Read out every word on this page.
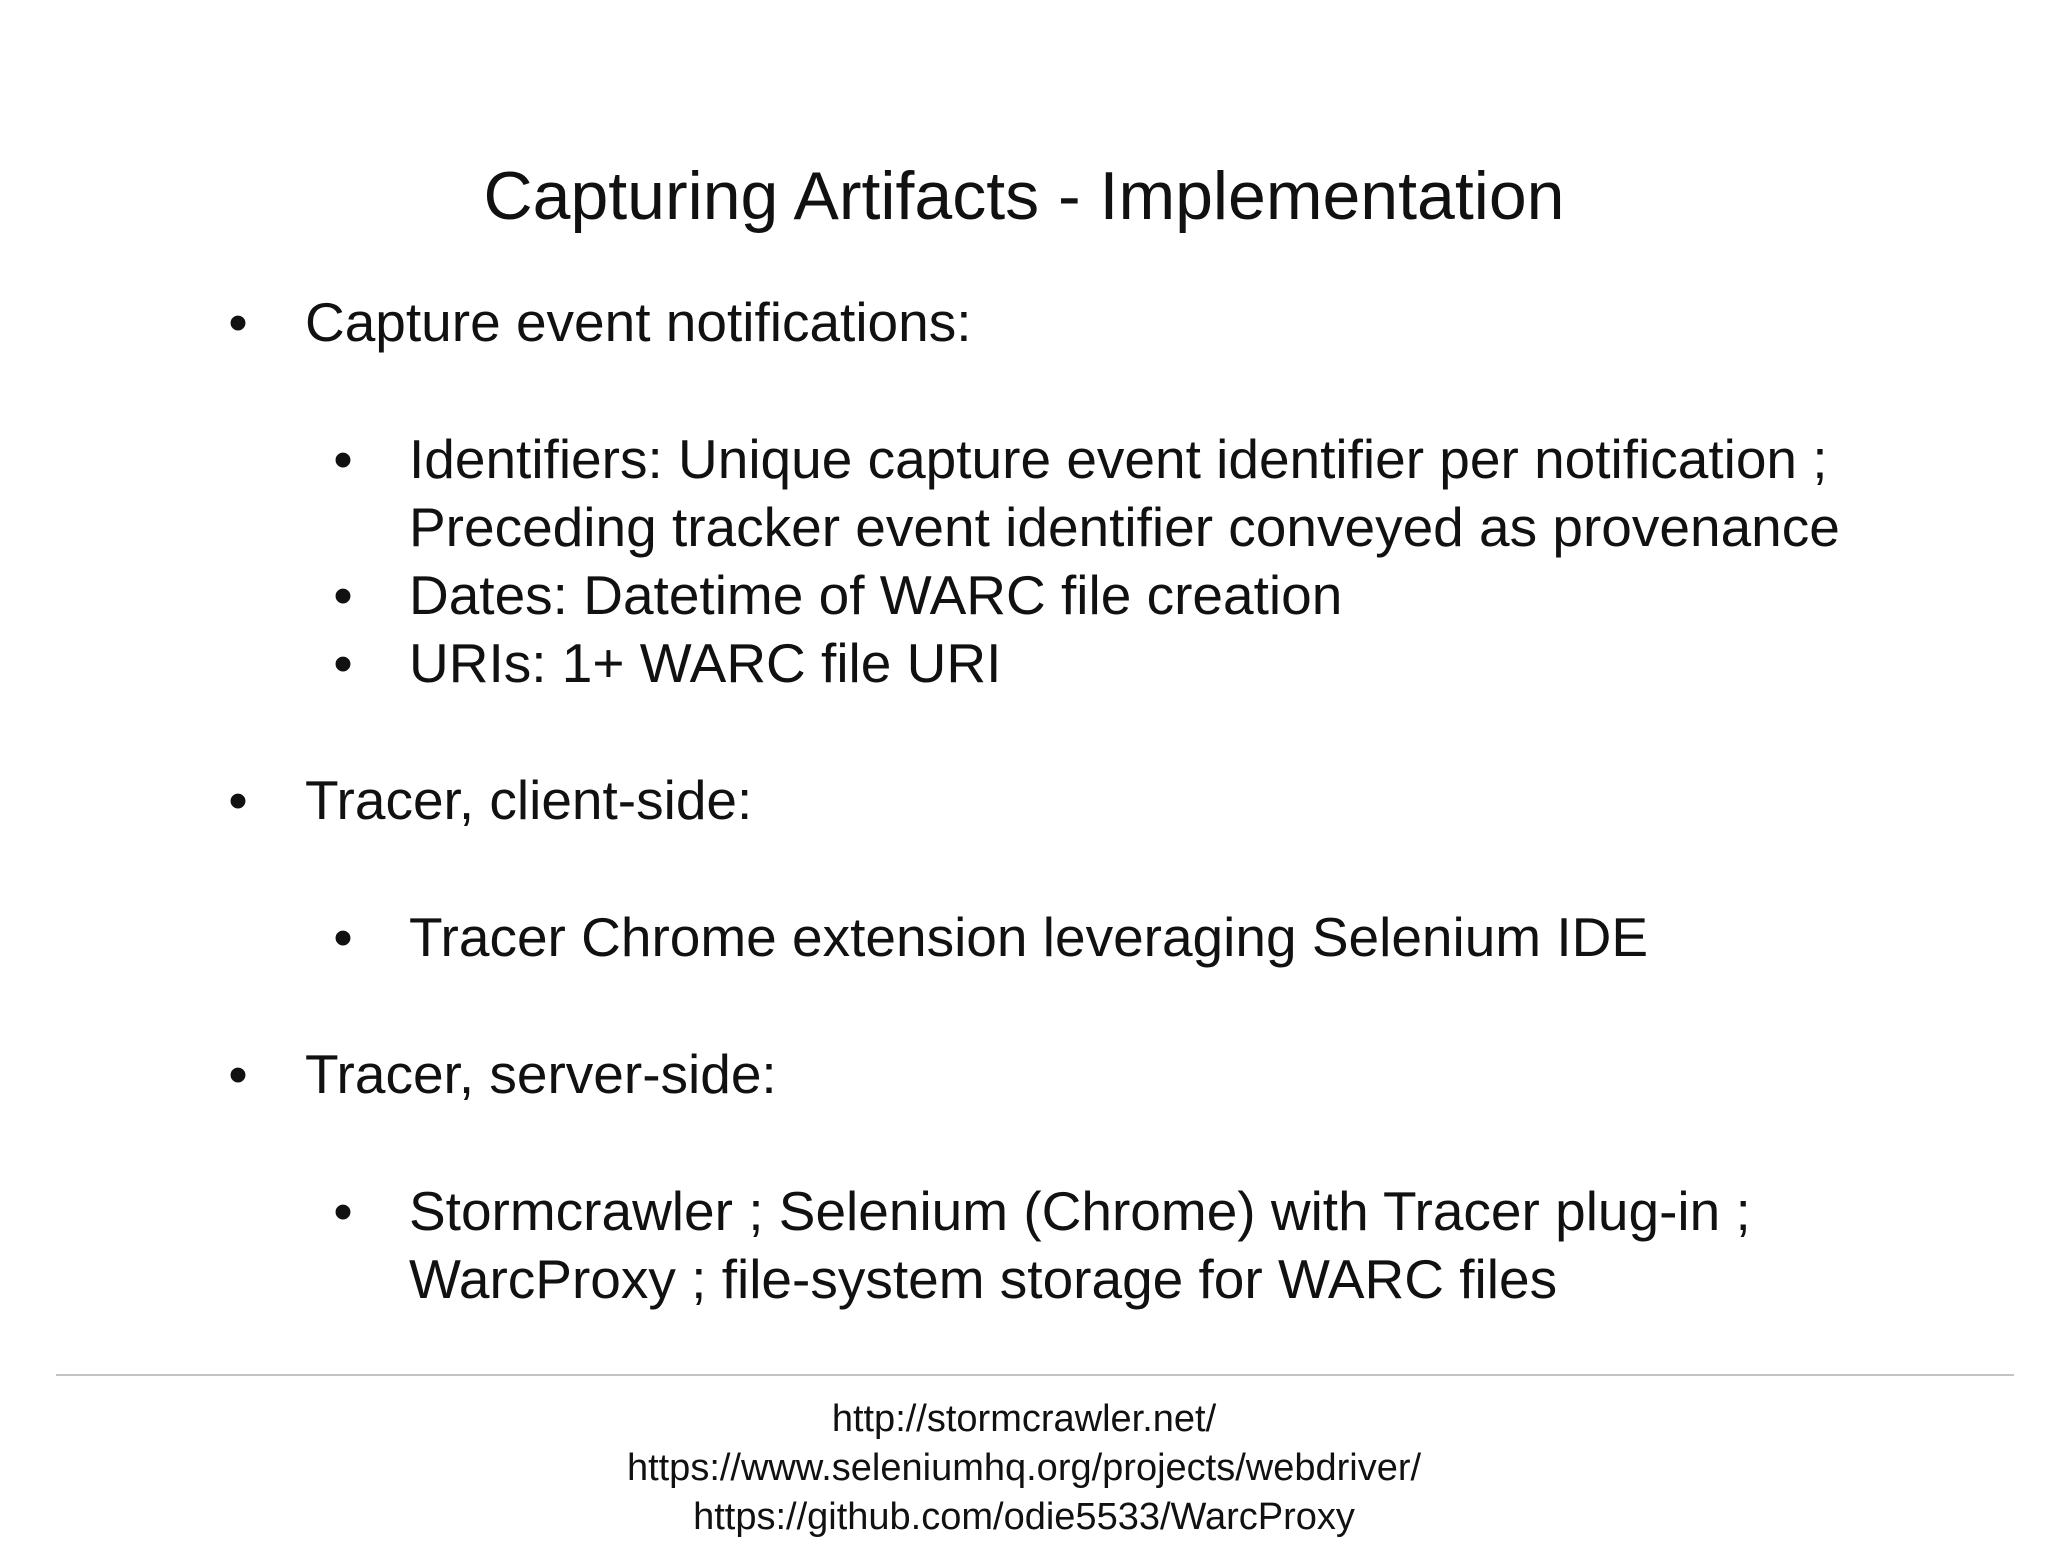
Capturing Artifacts - Implementation
• Capture event notifications:
• Identifiers: Unique capture event identifier per notification ;
Preceding tracker event identifier conveyed as provenance
• Dates: Datetime of WARC file creation
• URIs: 1+ WARC file URI
• Tracer, client-side:
• Tracer Chrome extension leveraging Selenium IDE
• Tracer, server-side:
• Stormcrawler ; Selenium (Chrome) with Tracer plug-in ;
WarcProxy ; file-system storage for WARC files
http://stormcrawler.net/
https://www.seleniumhq.org/projects/webdriver/
https://github.com/odie5533/WarcProxy
